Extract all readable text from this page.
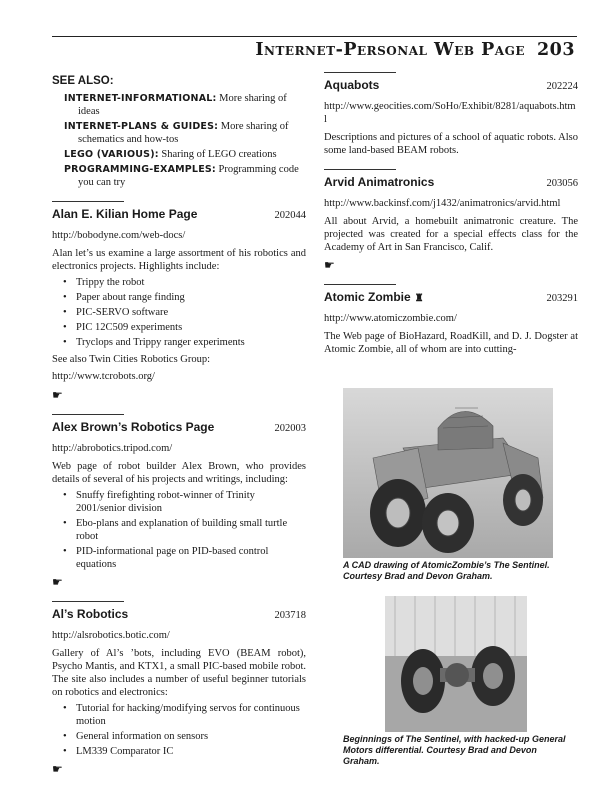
Internet-Personal Web Page 203
SEE ALSO:
INTERNET-INFORMATIONAL: More sharing of ideas
INTERNET-PLANS & GUIDES: More sharing of schematics and how-tos
LEGO (VARIOUS): Sharing of LEGO creations
PROGRAMMING-EXAMPLES: Programming code you can try
Alan E. Kilian Home Page	202044
http://bobodyne.com/web-docs/
Alan let’s us examine a large assortment of his robotics and electronics projects. Highlights include:
• Trippy the robot
• Paper about range finding
• PIC-SERVO software
• PIC 12C509 experiments
• Tryclops and Trippy ranger experiments
See also Twin Cities Robotics Group:
http://www.tcrobots.org/
☛
Alex Brown’s Robotics Page	202003
http://abrobotics.tripod.com/
Web page of robot builder Alex Brown, who provides details of several of his projects and writings, including:
• Snuffy firefighting robot-winner of Trinity 2001/senior division
• Ebo-plans and explanation of building small turtle robot
• PID-informational page on PID-based control equations
☛
Al’s Robotics	203718
http://alsrobotics.botic.com/
Gallery of Al’s ’bots, including EVO (BEAM robot), Psycho Mantis, and KTX1, a small PIC-based mobile robot. The site also includes a number of useful beginner tutorials on robotics and electronics:
• Tutorial for hacking/modifying servos for continuous motion
• General information on sensors
• LM339 Comparator IC
☛
Aquabots	202224
http://www.geocities.com/SoHo/Exhibit/8281/aquabots.html
Descriptions and pictures of a school of aquatic robots. Also some land-based BEAM robots.
Arvid Animatronics	203056
http://www.backinsf.com/j1432/animatronics/arvid.html
All about Arvid, a homebuilt animatronic creature. The projected was created for a special effects class for the Academy of Art in San Francisco, Calif.
☛
Atomic Zombie ♜	203291
http://www.atomiczombie.com/
The Web page of BioHazard, RoadKill, and D. J. Dogster at Atomic Zombie, all of whom are into cutting-
A CAD drawing of AtomicZombie’s The Sentinel. Courtesy Brad and Devon Graham.
Beginnings of The Sentinel, with hacked-up General Motors differential. Courtesy Brad and Devon Graham.
